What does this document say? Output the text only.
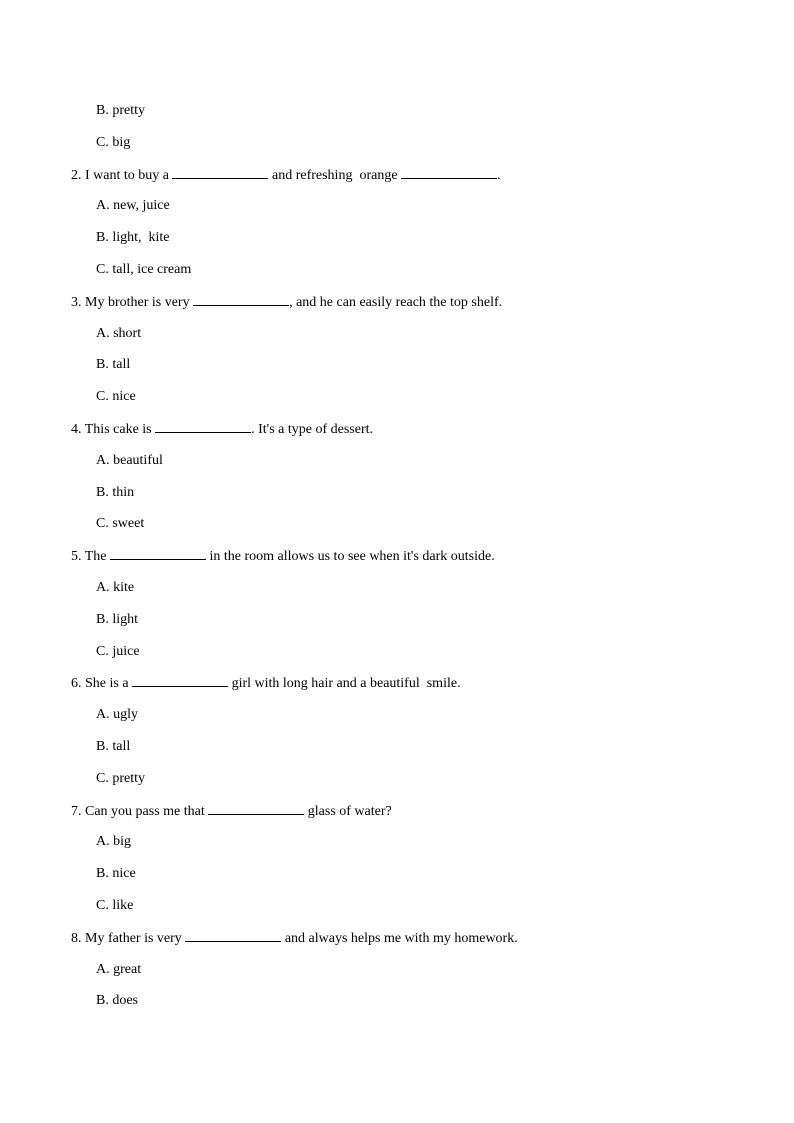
B. pretty
C. big
2. I want to buy a	and refreshing  orange	.
A. new, juice
B. light,  kite
C. tall, ice cream
3. My brother is very	, and he can easily reach the top shelf.
A. short
B. tall
C. nice
4. This cake is	. It's a type of dessert.
A. beautiful
B. thin
C. sweet
5. The	in the room allows us to see when it's dark outside.
A. kite
B. light
C. juice
6. She is a	girl with long hair and a beautiful  smile.
A. ugly
B. tall
C. pretty
7. Can you pass me that	glass of water?
A. big
B. nice
C. like
8. My father is very	and always helps me with my homework.
A. great
B. does
